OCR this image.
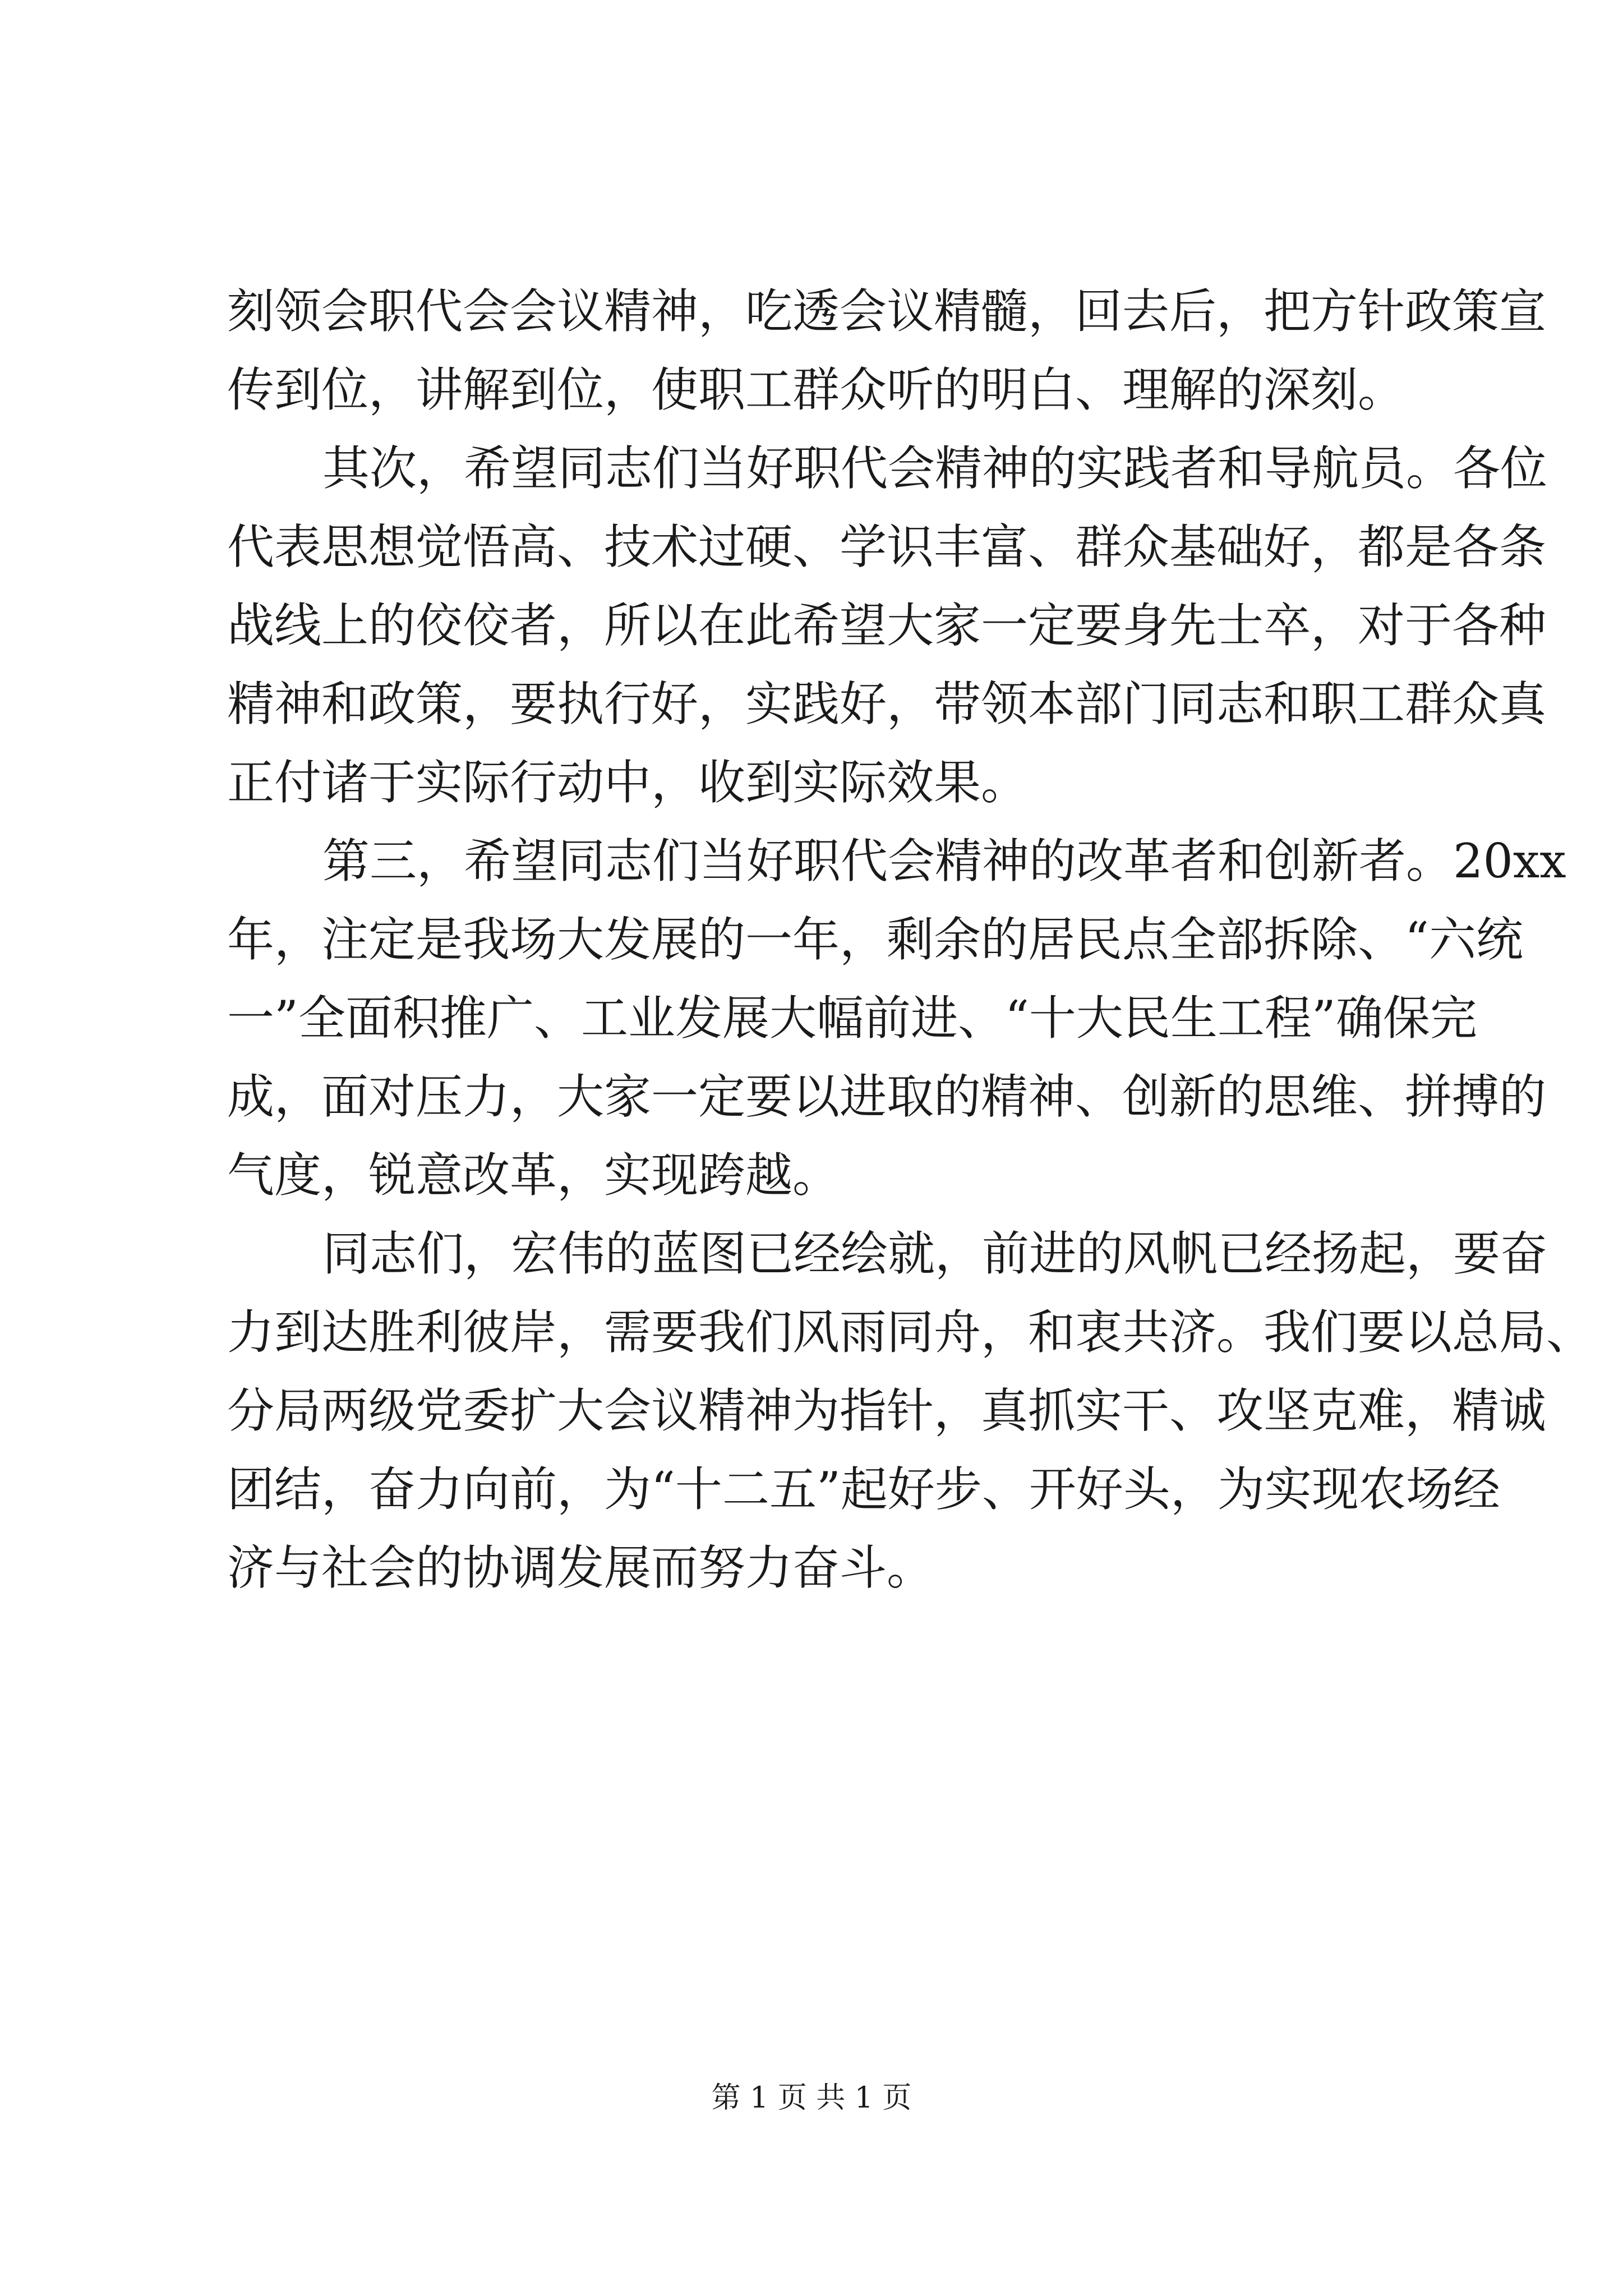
刻领会职代会会议精神，吃透会议精髓，回去后，把方针政策宣
传到位，讲解到位，使职工群众听的明白、理解的深刻。
其次，希望同志们当好职代会精神的实践者和导航员。各位
代表思想觉悟高、技术过硬、学识丰富、群众基础好，都是各条
战线上的佼佼者，所以在此希望大家一定要身先士卒，对于各种
精神和政策，要执行好，实践好，带领本部门同志和职工群众真
正付诸于实际行动中，收到实际效果。
第三，希望同志们当好职代会精神的改革者和创新者。20xx
年，注定是我场大发展的一年，剩余的居民点全部拆除、“六统
一”全面积推广、工业发展大幅前进、“十大民生工程”确保完
成，面对压力，大家一定要以进取的精神、创新的思维、拼搏的
气度，锐意改革，实现跨越。
同志们，宏伟的蓝图已经绘就，前进的风帆已经扬起，要奋
力到达胜利彼岸，需要我们风雨同舟，和衷共济。我们要以总局、
分局两级党委扩大会议精神为指针，真抓实干、攻坚克难，精诚
团结，奋力向前，为“十二五”起好步、开好头，为实现农场经
济与社会的协调发展而努力奋斗。
第 1 页 共 1 页
